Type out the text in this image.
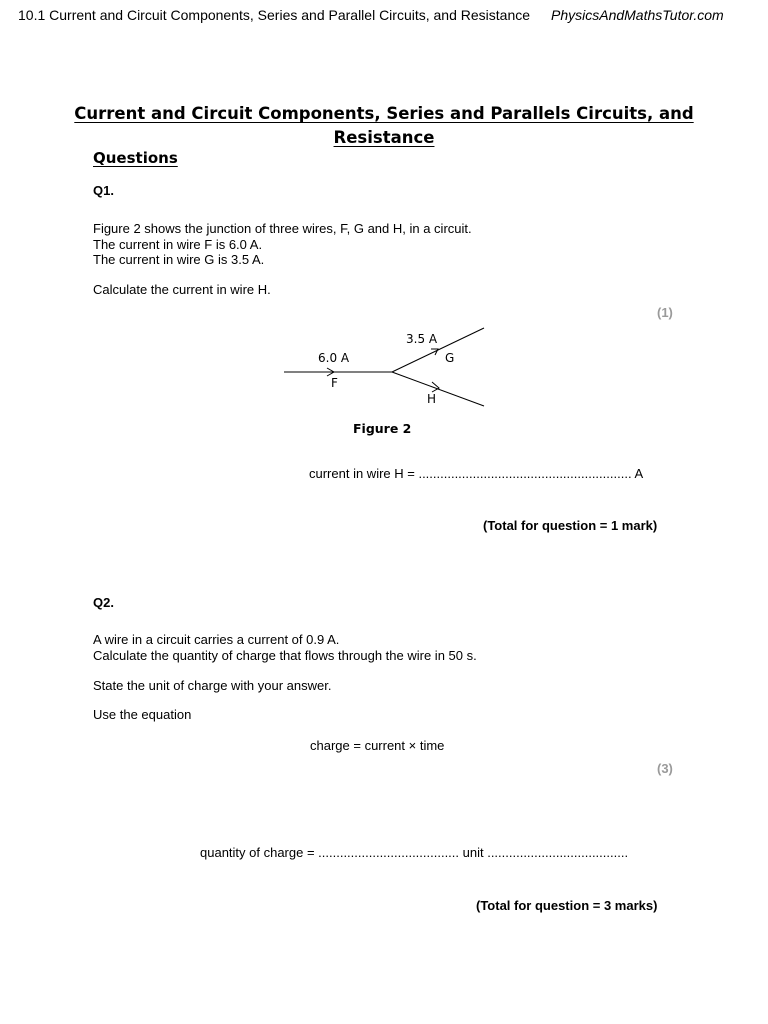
10.1 Current and Circuit Components, Series and Parallel Circuits, and Resistance PhysicsAndMathsTutor.com
Current and Circuit Components, Series and Parallels Circuits, and
Resistance
Questions
Q1.
Figure 2 shows the junction of three wires, F, G and H, in a circuit.
The current in wire F is 6.0 A.
The current in wire G is 3.5 A.
Calculate the current in wire H.
(1)
6.0 A
F
3.5 A
G
H
Figure 2
current in wire H = ........................................................... A
(Total for question = 1 mark)
Q2.
A wire in a circuit carries a current of 0.9 A.
Calculate the quantity of charge that flows through the wire in 50 s.
State the unit of charge with your answer.
Use the equation
charge = current × time
(3)
quantity of charge = ....................................... unit .......................................
(Total for question = 3 marks)
